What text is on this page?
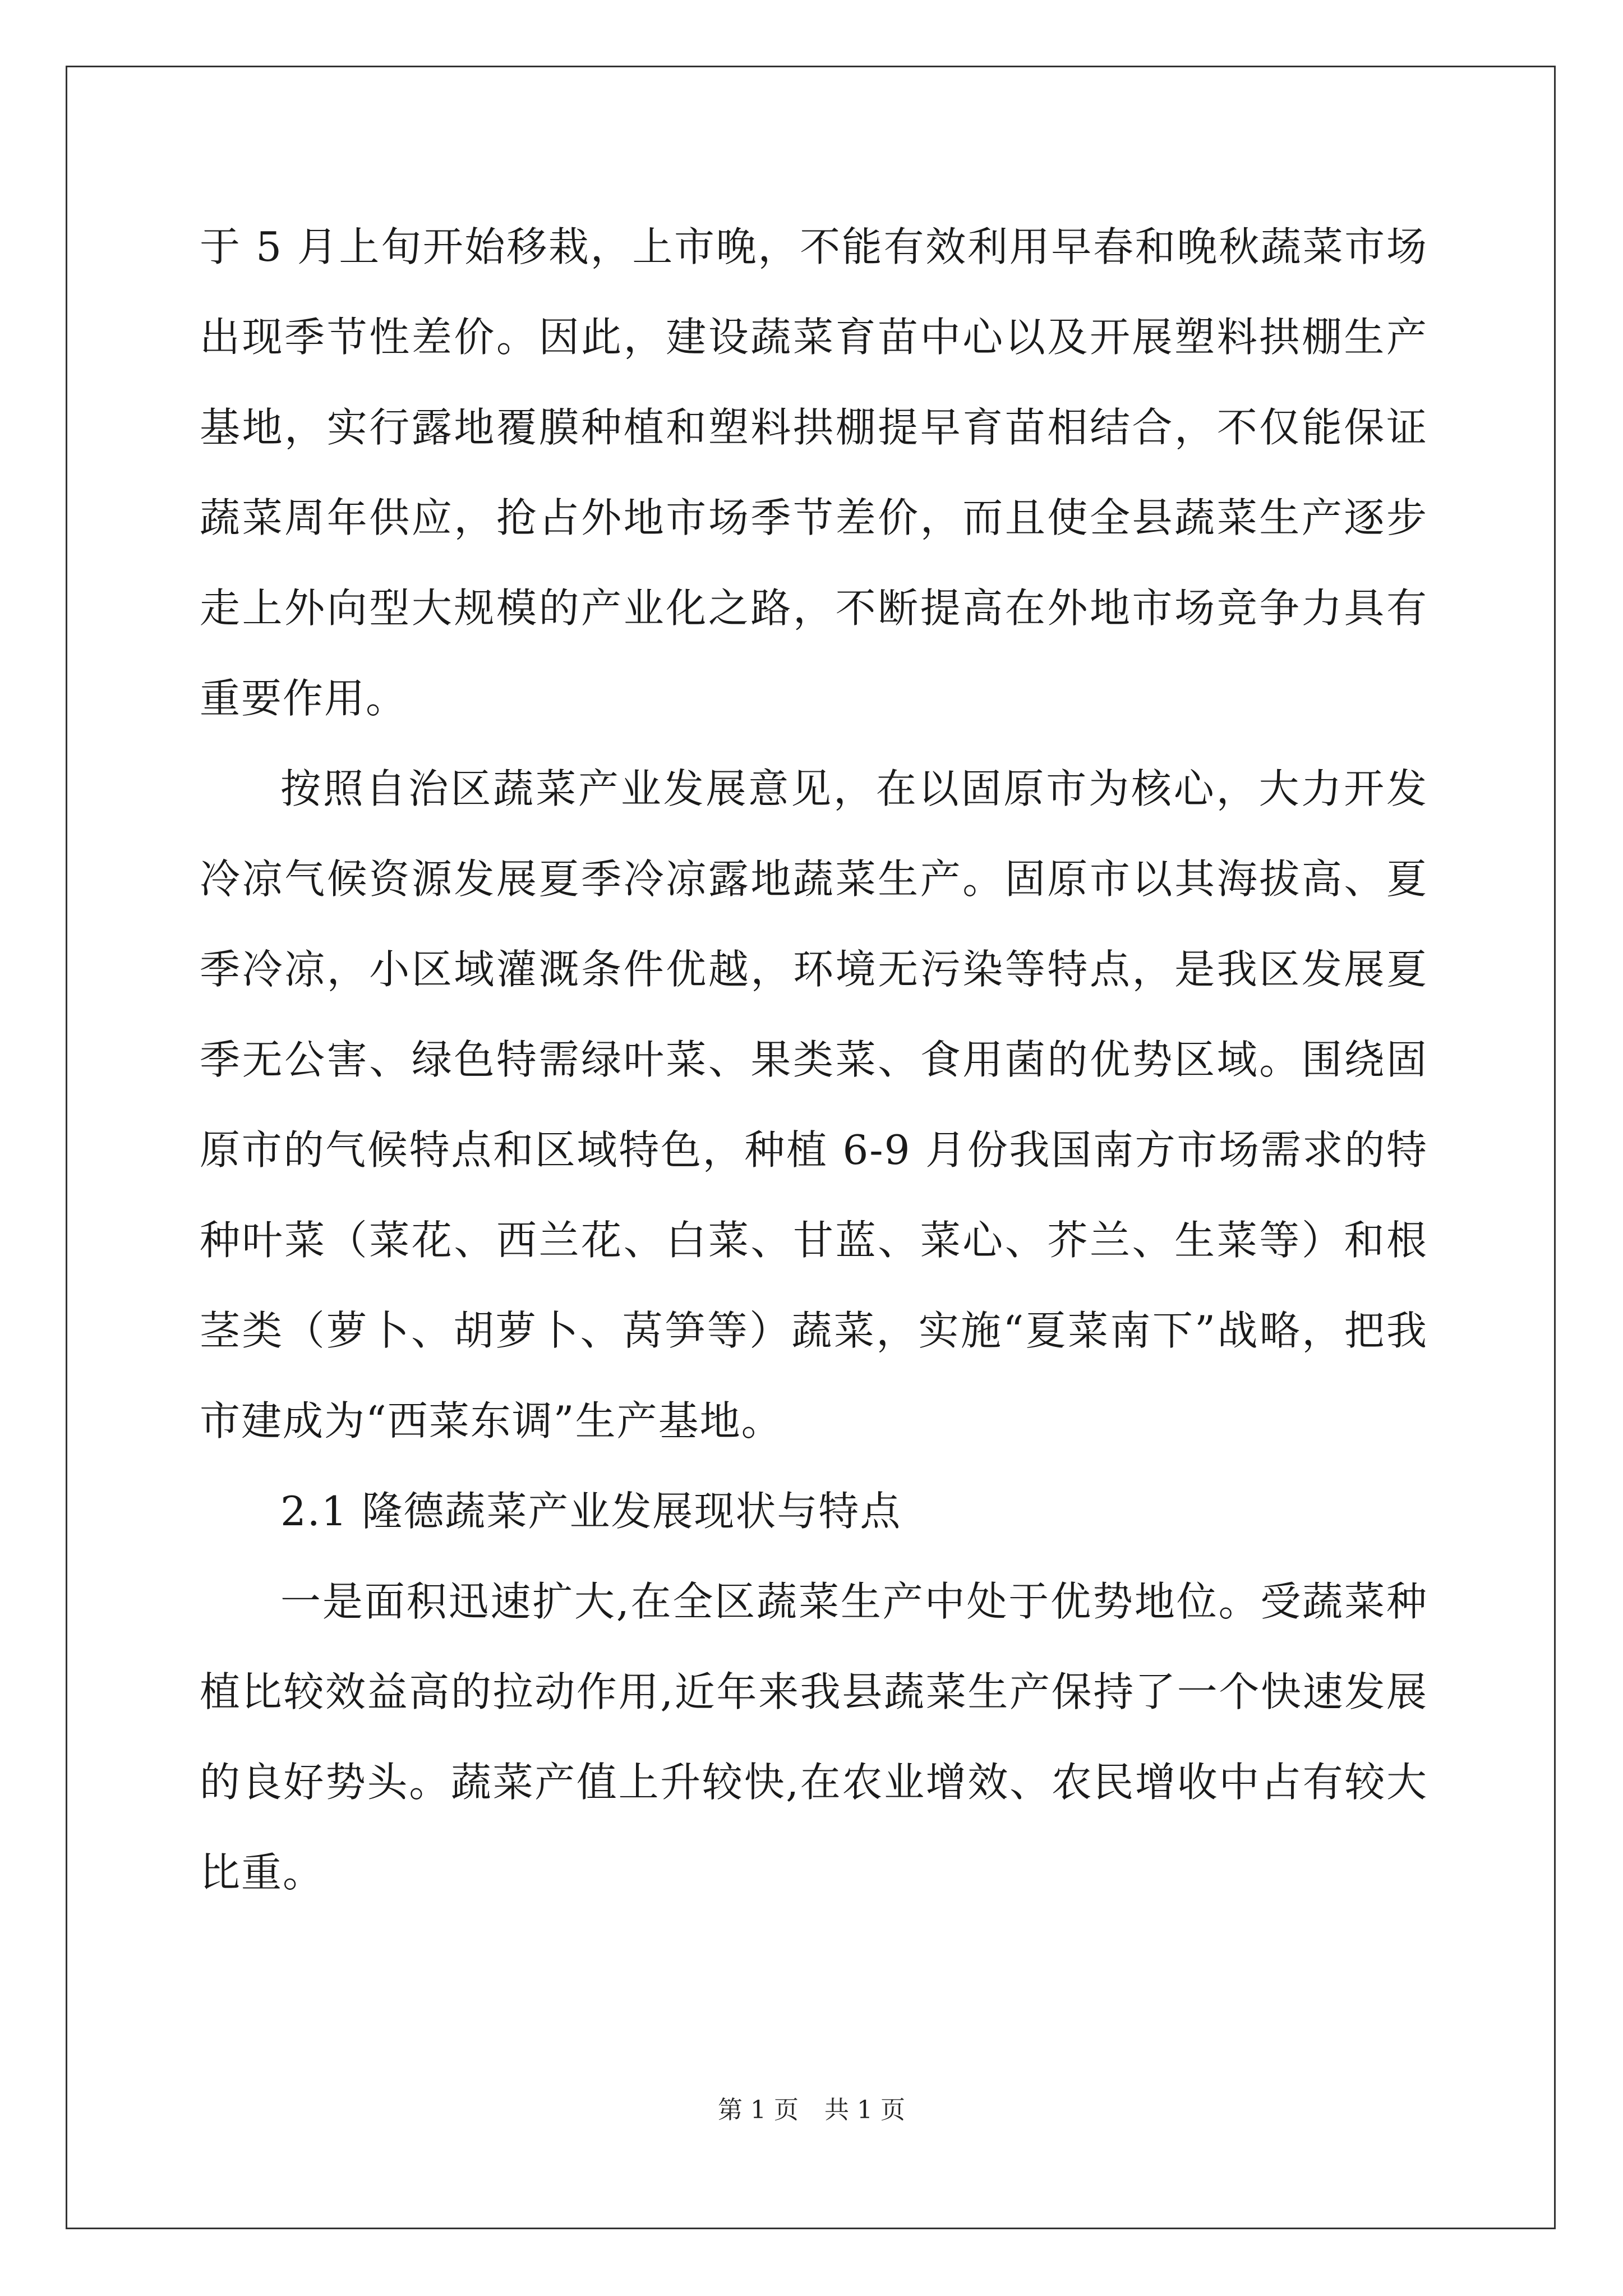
于 5 月上旬开始移栽，上市晚，不能有效利用早春和晚秋蔬菜市场出现季节性差价。因此，建设蔬菜育苗中心以及开展塑料拱棚生产基地，实行露地覆膜种植和塑料拱棚提早育苗相结合，不仅能保证蔬菜周年供应，抢占外地市场季节差价，而且使全县蔬菜生产逐步走上外向型大规模的产业化之路，不断提高在外地市场竞争力具有重要作用。

按照自治区蔬菜产业发展意见，在以固原市为核心，大力开发冷凉气候资源发展夏季冷凉露地蔬菜生产。固原市以其海拔高、夏季冷凉，小区域灌溉条件优越，环境无污染等特点，是我区发展夏季无公害、绿色特需绿叶菜、果类菜、食用菌的优势区域。围绕固原市的气候特点和区域特色，种植 6-9 月份我国南方市场需求的特种叶菜（菜花、西兰花、白菜、甘蓝、菜心、芥兰、生菜等）和根茎类（萝卜、胡萝卜、莴笋等）蔬菜，实施“夏菜南下”战略，把我市建成为“西菜东调”生产基地。

2.1 隆德蔬菜产业发展现状与特点

一是面积迅速扩大,在全区蔬菜生产中处于优势地位。受蔬菜种植比较效益高的拉动作用,近年来我县蔬菜生产保持了一个快速发展的良好势头。蔬菜产值上升较快,在农业增效、农民增收中占有较大比重。

第 1 页 共 1 页
